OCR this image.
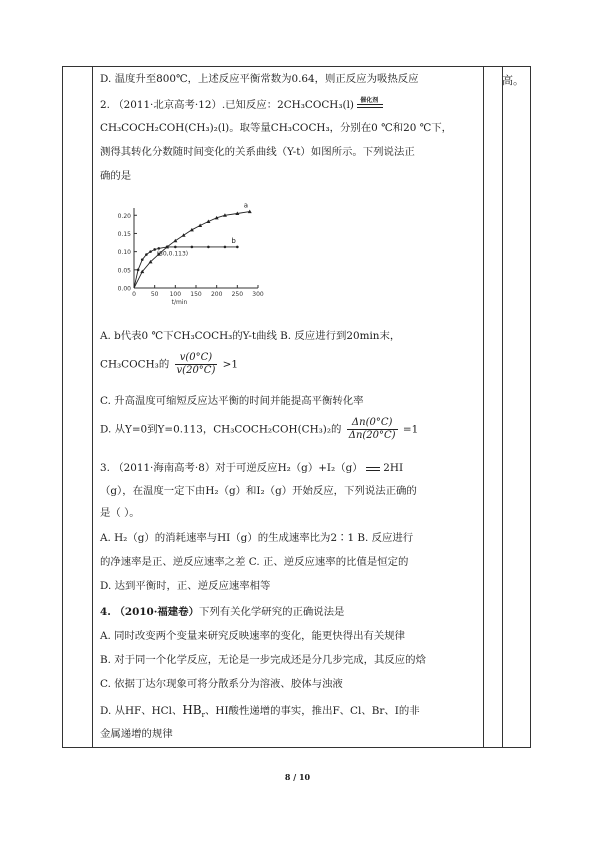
高。
D. 温度升至800℃，上述反应平衡常数为0.64，则正反应为吸热反应
2. （2011·北京高考·12）.已知反应：2CH₃COCH₃(l) 催化剂
CH₃COCH₂COH(CH₃)₂(l)。取等量CH₃COCH₃，分别在0 ℃和20 ℃下，
测得其转化分数随时间变化的关系曲线（Y-t）如图所示。下列说法正
确的是
0.20
0.15
0.10
0.05
0.00
0 50 100 150 200 250 300
t/min
a
b
(80,0.113)
A. b代表0 ℃下CH₃COCH₃的Y-t曲线 B. 反应进行到20min末，
CH₃COCH₃的 $\frac{v(0^\circ C)}{v(20^\circ C)} >1$
C. 升高温度可缩短反应达平衡的时间并能提高平衡转化率
D. 从Y=0到Y=0.113，CH₃COCH₂COH(CH₃)₂的 $\frac{\Delta n(0^\circ C)}{\Delta n(20^\circ C)} =1$
3. （2011·海南高考·8）对于可逆反应H₂（g）+I₂（g） 2HI
（g），在温度一定下由H₂（g）和I₂（g）开始反应，下列说法正确的
是（ ）。
A. H₂（g）的消耗速率与HI（g）的生成速率比为2∶1 B. 反应进行
的净速率是正、逆反应速率之差 C. 正、逆反应速率的比值是恒定的
D. 达到平衡时，正、逆反应速率相等
4. （2010·福建卷）下列有关化学研究的正确说法是
A. 同时改变两个变量来研究反映速率的变化，能更快得出有关规律
B. 对于同一个化学反应，无论是一步完成还是分几步完成，其反应的焓
C. 依据丁达尔现象可将分散系分为溶液、胶体与浊液
D. 从HF、HCl、$HB_r$、HI酸性递增的事实，推出F、Cl、Br、I的非
金属递增的规律
8 / 10
